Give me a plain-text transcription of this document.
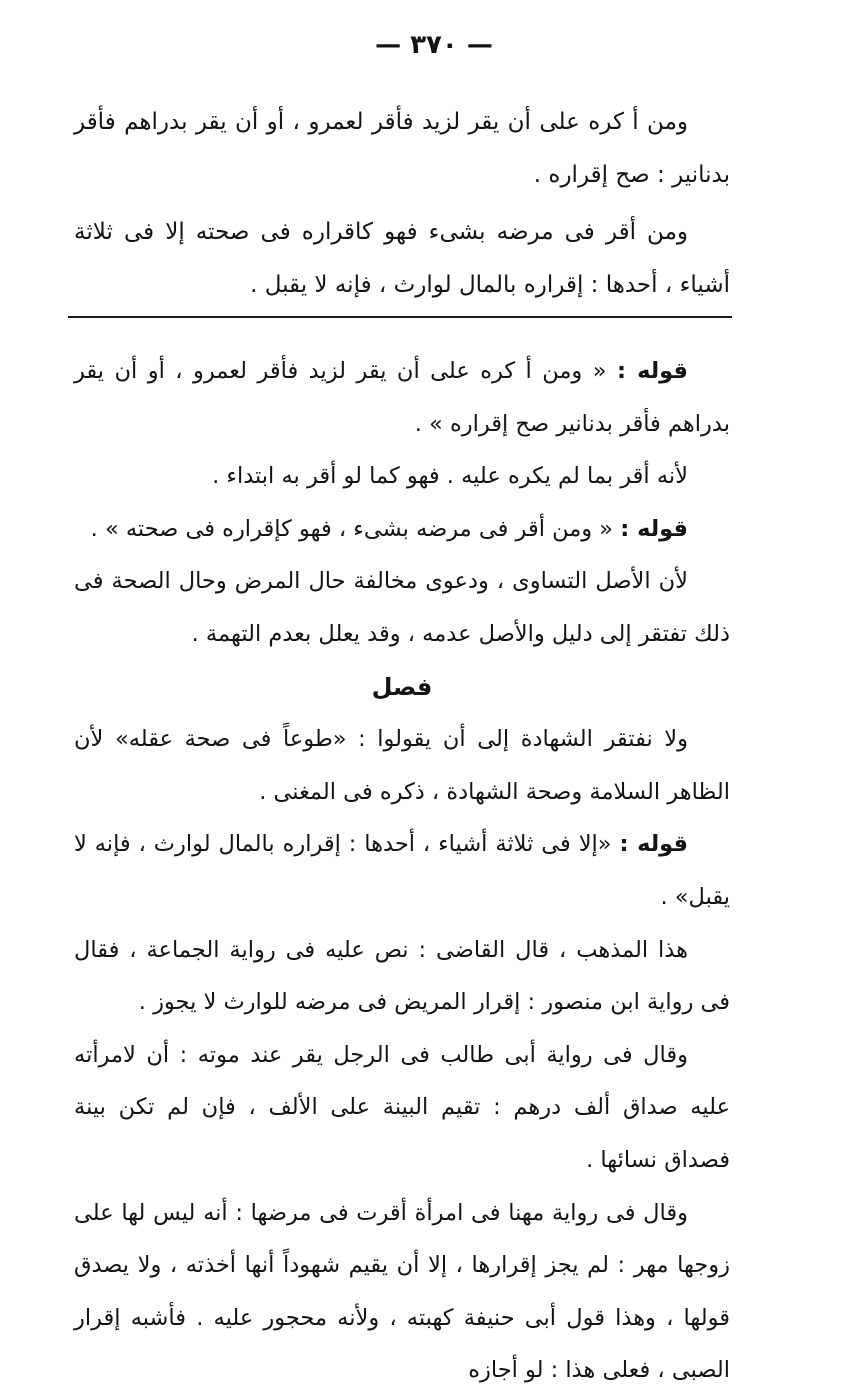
— ٣٧٠ —

ومن أ كره على أن يقر لزيد فأقر لعمرو ، أو أن يقر بدراهم فأقر بدنانير : صح إقراره .

ومن أقر فى مرضه بشىء فهو كاقراره فى صحته إلا فى ثلاثة أشياء ، أحدها : إقراره بالمال لوارث ، فإنه لا يقبل .

قوله : « ومن أ كره على أن يقر لزيد فأقر لعمرو ، أو أن يقر بدراهم فأقر بدنانير صح إقراره » .

لأنه أقر بما لم يكره عليه . فهو كما لو أقر به ابتداء .

قوله : « ومن أقر فى مرضه بشىء ، فهو كإقراره فى صحته » .

لأن الأصل التساوى ، ودعوى مخالفة حال المرض وحال الصحة فى ذلك تفتقر إلى دليل والأصل عدمه ، وقد يعلل بعدم التهمة .

فصل

ولا نفتقر الشهادة إلى أن يقولوا : «طوعاً فى صحة عقله» لأن الظاهر السلامة وصحة الشهادة ، ذكره فى المغنى .

قوله : «إلا فى ثلاثة أشياء ، أحدها : إقراره بالمال لوارث ، فإنه لا يقبل» .

هذا المذهب ، قال القاضى : نص عليه فى رواية الجماعة ، فقال فى رواية ابن منصور : إقرار المريض فى مرضه للوارث لا يجوز .

وقال فى رواية أبى طالب فى الرجل يقر عند موته : أن لامرأته عليه صداق ألف درهم : تقيم البينة على الألف ، فإن لم تكن بينة فصداق نسائها .

وقال فى رواية مهنا فى امرأة أقرت فى مرضها : أنه ليس لها على زوجها مهر : لم يجز إقرارها ، إلا أن يقيم شهوداً أنها أخذته ، ولا يصدق قولها ، وهذا قول أبى حنيفة كهبته ، ولأنه محجور عليه . فأشبه إقرار الصبى ، فعلى هذا : لو أجازه
